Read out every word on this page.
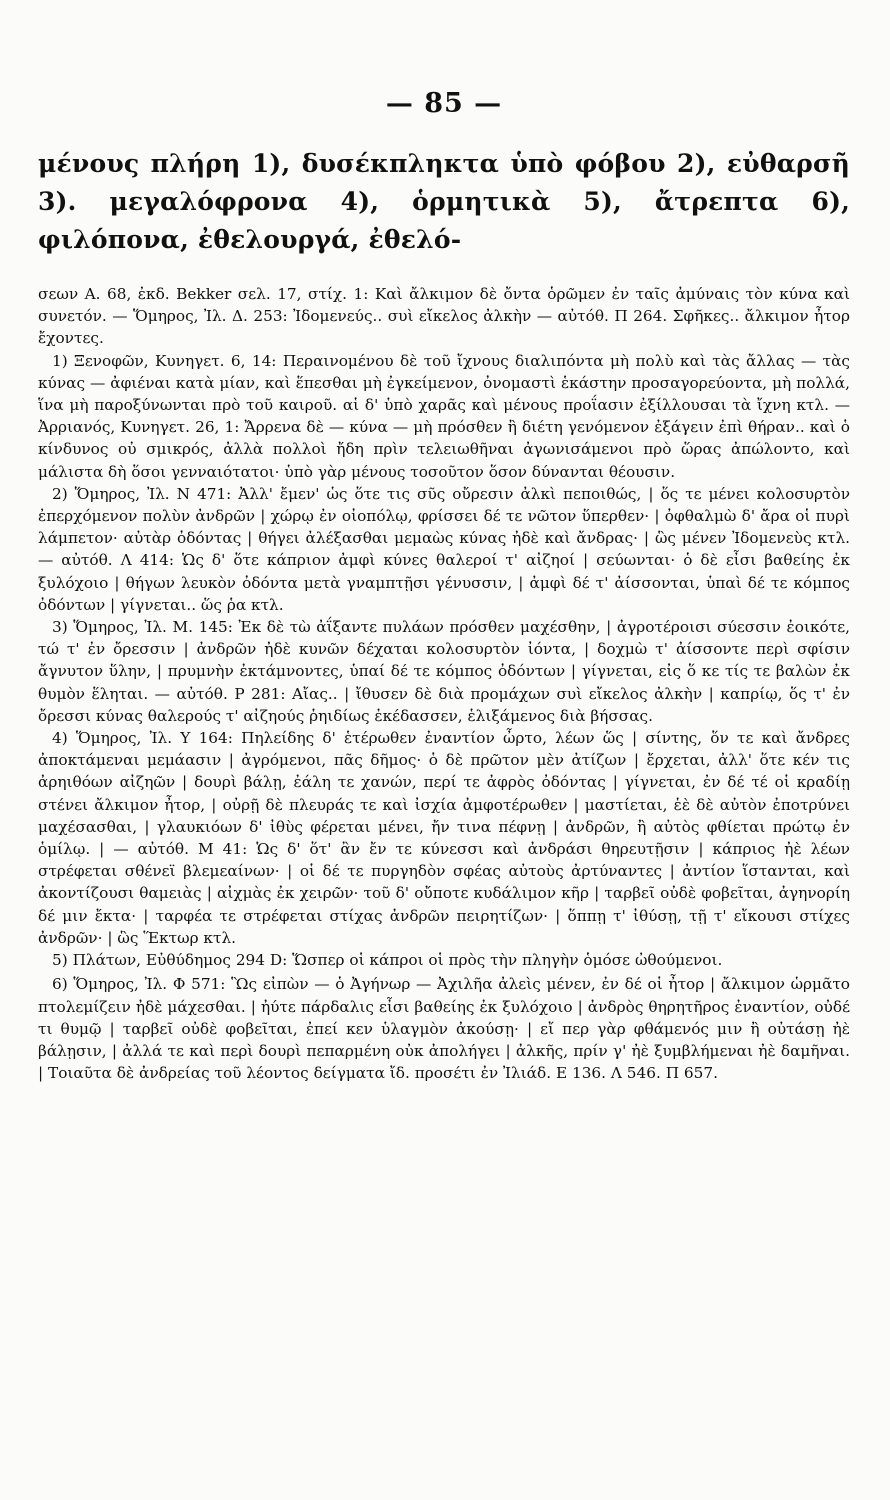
— 85 —
μένους πλήρη 1), δυσέκπληκτα ὑπὸ φόβου 2), εὐθαρσῆ 3). μεγαλόφρονα 4), ὁρμητικὰ 5), ἄτρεπτα 6), φιλόπονα, ἐθελουργά, ἐθελό-

σεων Α. 68, ἐκδ. Bekker σελ. 17, στίχ. 1: Καὶ ἄλκιμον δὲ ὄντα ὁρῶμεν ἐν ταῖς ἀμύναις τὸν κύνα καὶ συνετόν. — Ὅμηρος, Ἰλ. Δ. 253: Ἰδομενεύς.. συὶ εἴκελος ἀλκὴν — αὐτόθ. Π 264. Σφῆκες.. ἄλκιμον ἦτορ ἔχοντες.

1) Ξενοφῶν, Κυνηγετ. 6, 14: Περαινομένου δὲ τοῦ ἴχνους διαλιπόντα μὴ πολὺ καὶ τὰς ἄλλας — τὰς κύνας — ἀφιέναι κατὰ μίαν, καὶ ἕπεσθαι μὴ ἐγκείμενον, ὀνομαστὶ ἑκάστην προσαγορεύοντα, μὴ πολλά, ἵνα μὴ παροξύνωνται πρὸ τοῦ καιροῦ. αἱ δ' ὑπὸ χαρᾶς καὶ μένους προΐασιν ἐξίλλουσαι τὰ ἴχνη κτλ. — Ἀρριανός, Κυνηγετ. 26, 1: Ἄρρενα δὲ — κύνα — μὴ πρόσθεν ἢ διέτη γενόμενον ἐξάγειν ἐπὶ θήραν.. καὶ ὁ κίνδυνος οὐ σμικρός, ἀλλὰ πολλοὶ ἤδη πρὶν τελειωθῆναι ἀγωνισάμενοι πρὸ ὥρας ἀπώλοντο, καὶ μάλιστα δὴ ὅσοι γενναιότατοι· ὑπὸ γὰρ μένους τοσοῦτον ὅσον δύνανται θέουσιν.

2) Ὅμηρος, Ἰλ. Ν 471: Ἀλλ' ἔμεν' ὡς ὅτε τις σῦς οὔρεσιν ἀλκὶ πεποιθώς, | ὅς τε μένει κολοσυρτὸν ἐπερχόμενον πολὺν ἀνδρῶν | χώρῳ ἐν οἰοπόλῳ, φρίσσει δέ τε νῶτον ὕπερθεν· | ὀφθαλμὼ δ' ἄρα οἱ πυρὶ λάμπετον· αὐτὰρ ὀδόντας | θήγει ἀλέξασθαι μεμαὼς κύνας ἠδὲ καὶ ἄνδρας· | ὣς μένεν Ἰδομενεὺς κτλ. — αὐτόθ. Λ 414: Ὡς δ' ὅτε κάπριον ἀμφὶ κύνες θαλεροί τ' αἰζηοί | σεύωνται· ὁ δὲ εἶσι βαθείης ἐκ ξυλόχοιο | θήγων λευκὸν ὀδόντα μετὰ γναμπτῇσι γένυσσιν, | ἀμφὶ δέ τ' ἀίσσονται, ὑπαὶ δέ τε κόμπος ὀδόντων | γίγνεται.. ὥς ῥα κτλ.

3) Ὅμηρος, Ἰλ. Μ. 145: Ἐκ δὲ τὼ ἀΐξαντε πυλάων πρόσθεν μαχέσθην, | ἀγροτέροισι σύεσσιν ἐοικότε, τώ τ' ἐν ὄρεσσιν | ἀνδρῶν ἠδὲ κυνῶν δέχαται κολοσυρτὸν ἰόντα, | δοχμὼ τ' ἀίσσοντε περὶ σφίσιν ἄγνυτον ὕλην, | πρυμνὴν ἐκτάμνοντες, ὑπαί δέ τε κόμπος ὀδόντων | γίγνεται, εἰς ὅ κε τίς τε βαλὼν ἐκ θυμὸν ἕληται. — αὐτόθ. Ρ 281: Αἴας.. | ἴθυσεν δὲ διὰ προμάχων συὶ εἴκελος ἀλκὴν | καπρίῳ, ὅς τ' ἐν ὄρεσσι κύνας θαλερούς τ' αἰζηούς ῥηιδίως ἐκέδασσεν, ἑλιξάμενος διὰ βήσσας.

4) Ὅμηρος, Ἰλ. Υ 164: Πηλείδης δ' ἑτέρωθεν ἐναντίον ὦρτο, λέων ὥς | σίντης, ὅν τε καὶ ἄνδρες ἀποκτάμεναι μεμάασιν | ἀγρόμενοι, πᾶς δῆμος· ὁ δὲ πρῶτον μὲν ἀτίζων | ἔρχεται, ἀλλ' ὅτε κέν τις ἀρηιθόων αἰζηῶν | δουρὶ βάλῃ, ἐάλη τε χανών, περί τε ἀφρὸς ὀδόντας | γίγνεται, ἐν δέ τέ οἱ κραδίῃ στένει ἄλκιμον ἦτορ, | οὐρῇ δὲ πλευράς τε καὶ ἰσχία ἀμφοτέρωθεν | μαστίεται, ἑὲ δὲ αὐτὸν ἐποτρύνει μαχέσασθαι, | γλαυκιόων δ' ἰθὺς φέρεται μένει, ἤν τινα πέφνῃ | ἀνδρῶν, ἢ αὐτὸς φθίεται πρώτῳ ἐν ὁμίλῳ. | — αὐτόθ. Μ 41: Ὡς δ' ὅτ' ἂν ἔν τε κύνεσσι καὶ ἀνδράσι θηρευτῇσιν | κάπριος ἠὲ λέων στρέφεται σθένεϊ βλεμεαίνων· | οἱ δέ τε πυργηδὸν σφέας αὐτοὺς ἀρτύναντες | ἀντίον ἵστανται, καὶ ἀκοντίζουσι θαμειὰς | αἰχμὰς ἐκ χειρῶν· τοῦ δ' οὔποτε κυδάλιμον κῆρ | ταρβεῖ οὐδὲ φοβεῖται, ἀγηνορίη δέ μιν ἔκτα· | ταρφέα τε στρέφεται στίχας ἀνδρῶν πειρητίζων· | ὅππῃ τ' ἰθύσῃ, τῇ τ' εἴκουσι στίχες ἀνδρῶν· | ὣς Ἕκτωρ κτλ.

5) Πλάτων, Εὐθύδημος 294 D: Ὥσπερ οἱ κάπροι οἱ πρὸς τὴν πληγὴν ὁμόσε ὠθούμενοι.

6) Ὅμηρος, Ἰλ. Φ 571: Ὣς εἰπὼν — ὁ Ἀγήνωρ — Ἀχιλῆα ἀλεὶς μένεν, ἐν δέ οἱ ἦτορ | ἄλκιμον ὡρμᾶτο πτολεμίζειν ἠδὲ μάχεσθαι. | ἠύτε πάρδαλις εἶσι βαθείης ἐκ ξυλόχοιο | ἀνδρὸς θηρητῆρος ἐναντίον, οὐδέ τι θυμῷ | ταρβεῖ οὐδὲ φοβεῖται, ἐπεί κεν ὑλαγμὸν ἀκούσῃ· | εἴ περ γὰρ φθάμενός μιν ἢ οὐτάσῃ ἠὲ βάλῃσιν, | ἀλλά τε καὶ περὶ δουρὶ πεπαρμένη οὐκ ἀπολήγει | ἀλκῆς, πρίν γ' ἠὲ ξυμβλήμεναι ἠὲ δαμῆναι. | Τοιαῦτα δὲ ἀνδρείας τοῦ λέοντος δείγματα ἴδ. προσέτι ἐν Ἰλιάδ. Ε 136. Λ 546. Π 657.
